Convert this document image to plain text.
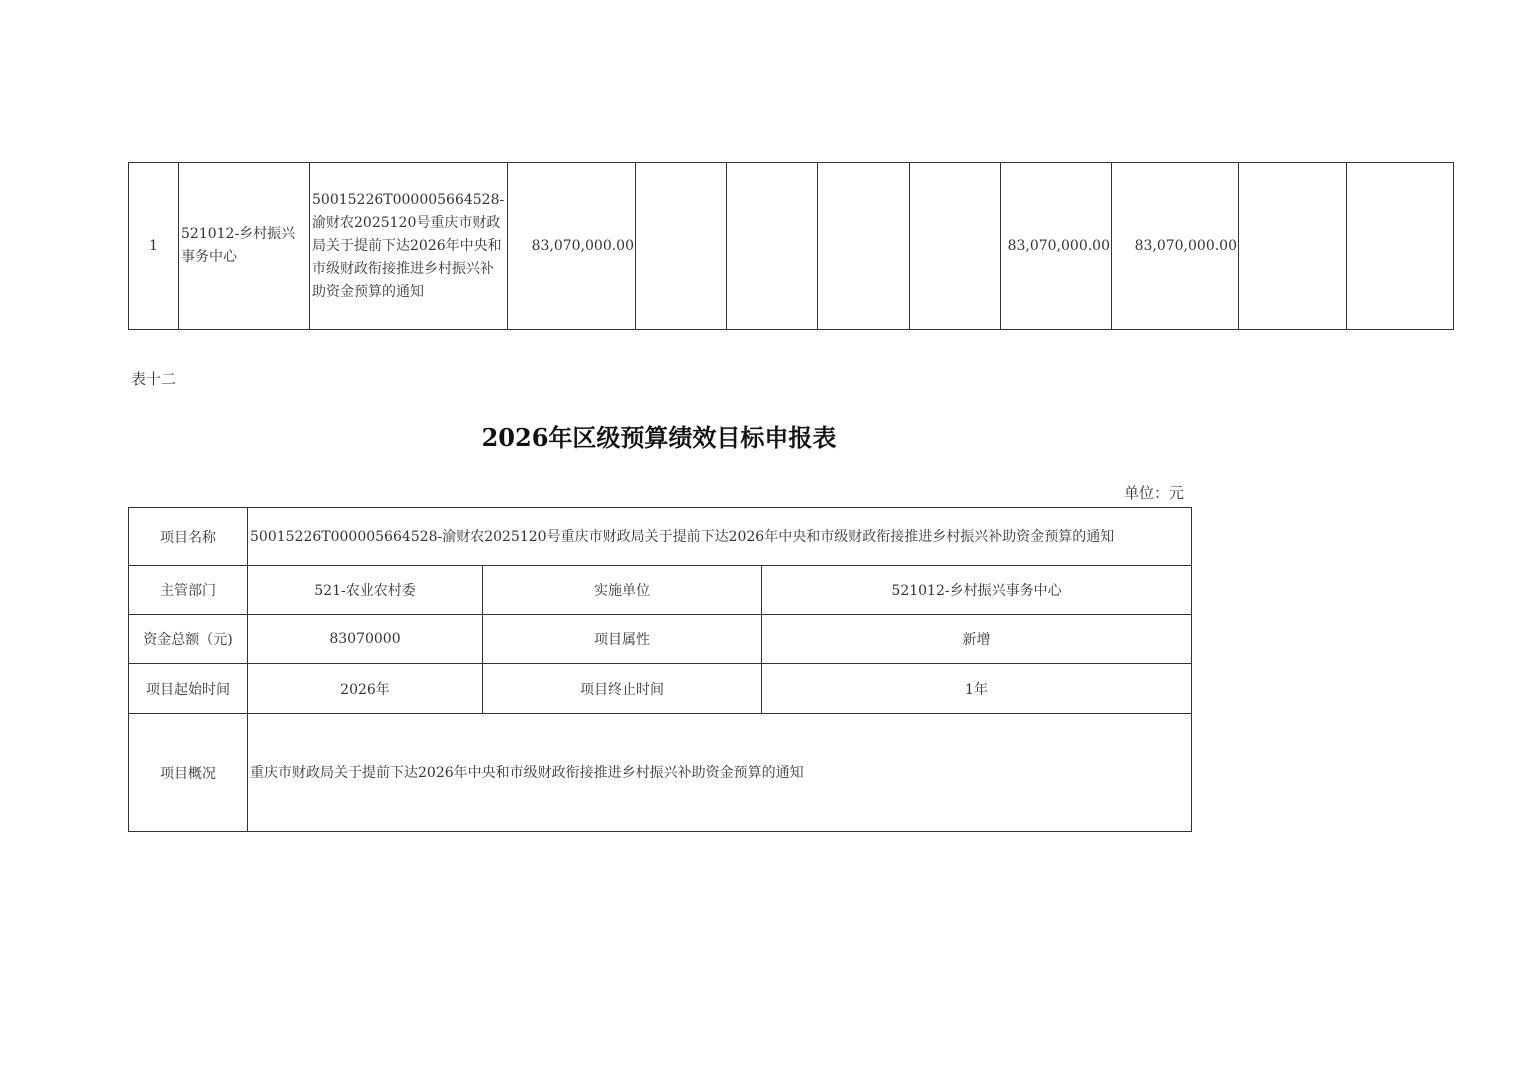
1	521012-乡村振兴事务中心	50015226T000005664528-渝财农2025120号重庆市财政局关于提前下达2026年中央和市级财政衔接推进乡村振兴补助资金预算的通知	83,070,000.00					83,070,000.00	83,070,000.00		
表十二
2026年区级预算绩效目标申报表
单位：元
项目名称	50015226T000005664528-渝财农2025120号重庆市财政局关于提前下达2026年中央和市级财政衔接推进乡村振兴补助资金预算的通知		
主管部门	521-农业农村委	实施单位	521012-乡村振兴事务中心
资金总额（元)	83070000	项目属性	新增
项目起始时间	2026年	项目终止时间	1年
项目概况	重庆市财政局关于提前下达2026年中央和市级财政衔接推进乡村振兴补助资金预算的通知		
